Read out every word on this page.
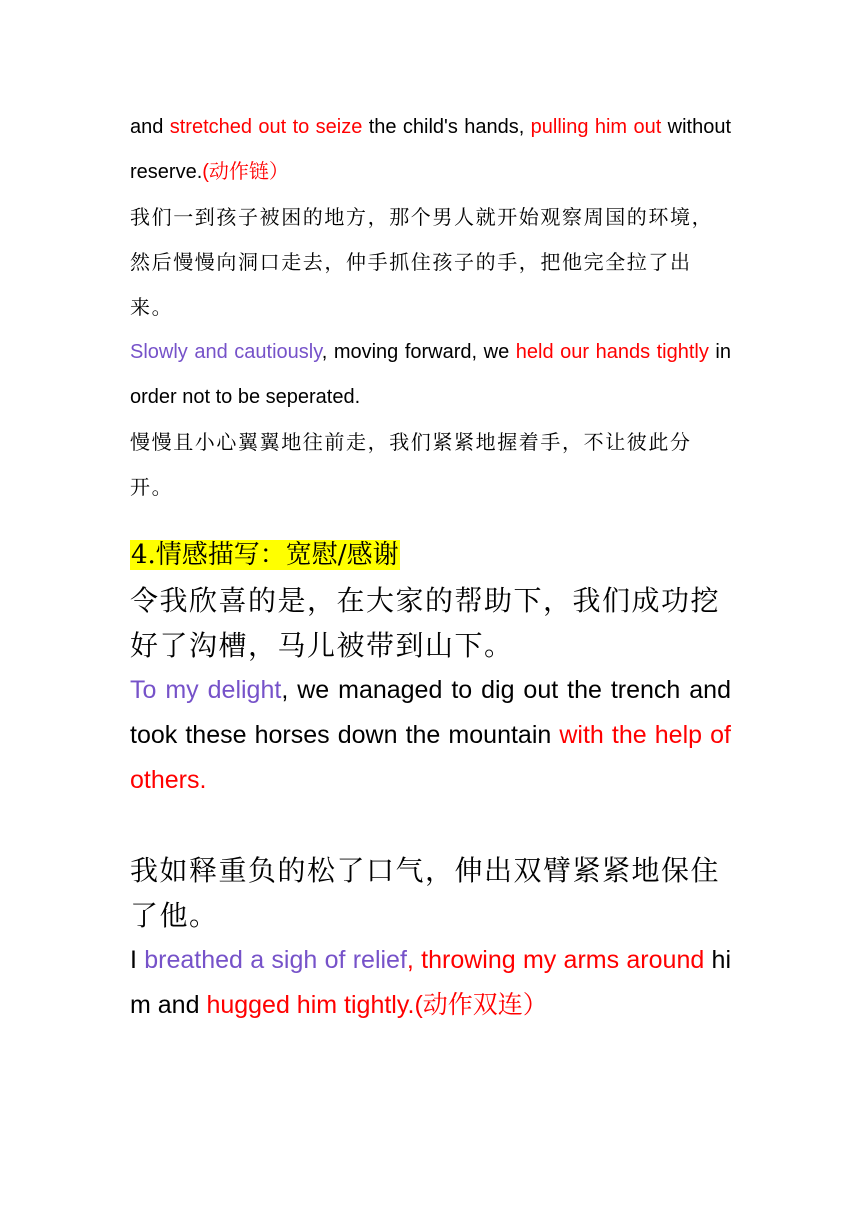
and stretched out to seize the child's hands, pulling him out without reserve.(动作链）

我们一到孩子被困的地方，那个男人就开始观察周国的环境，然后慢慢向洞口走去，仲手抓住孩子的手，把他完全拉了出来。

Slowly and cautiously, moving forward, we held our hands tightly in order not to be seperated.

慢慢且小心翼翼地往前走，我们紧紧地握着手，不让彼此分开。

4.情感描写：宽慰/感谢

令我欣喜的是，在大家的帮助下，我们成功挖好了沟槽，马儿被带到山下。

To my delight, we managed to dig out the trench and took these horses down the mountain with the help of others.

我如释重负的松了口气，伸出双臂紧紧地保住了他。

I breathed a sigh of relief, throwing my arms around him and hugged him tightly.(动作双连）
